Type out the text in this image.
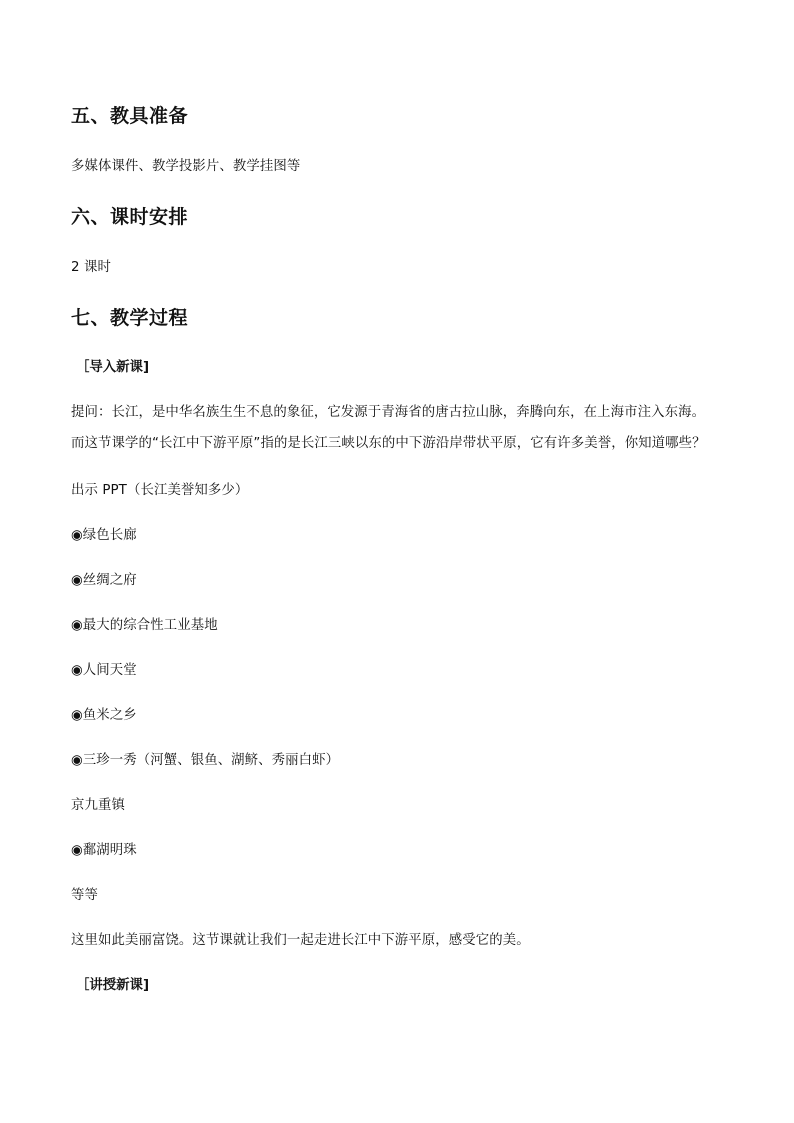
五、教具准备
多媒体课件、教学投影片、教学挂图等
六、课时安排
2 课时
七、教学过程
［导入新课]
提问：长江，是中华名族生生不息的象征，它发源于青海省的唐古拉山脉，奔腾向东，在上海市注入东海。
而这节课学的“长江中下游平原”指的是长江三峡以东的中下游沿岸带状平原，它有许多美誉，你知道哪些？
出示 PPT（长江美誉知多少）
◉绿色长廊
◉丝绸之府
◉最大的综合性工业基地
◉人间天堂
◉鱼米之乡
◉三珍一秀（河蟹、银鱼、湖鲚、秀丽白虾）
京九重镇
◉鄱湖明珠
等等
这里如此美丽富饶。这节课就让我们一起走进长江中下游平原，感受它的美。
［讲授新课]
